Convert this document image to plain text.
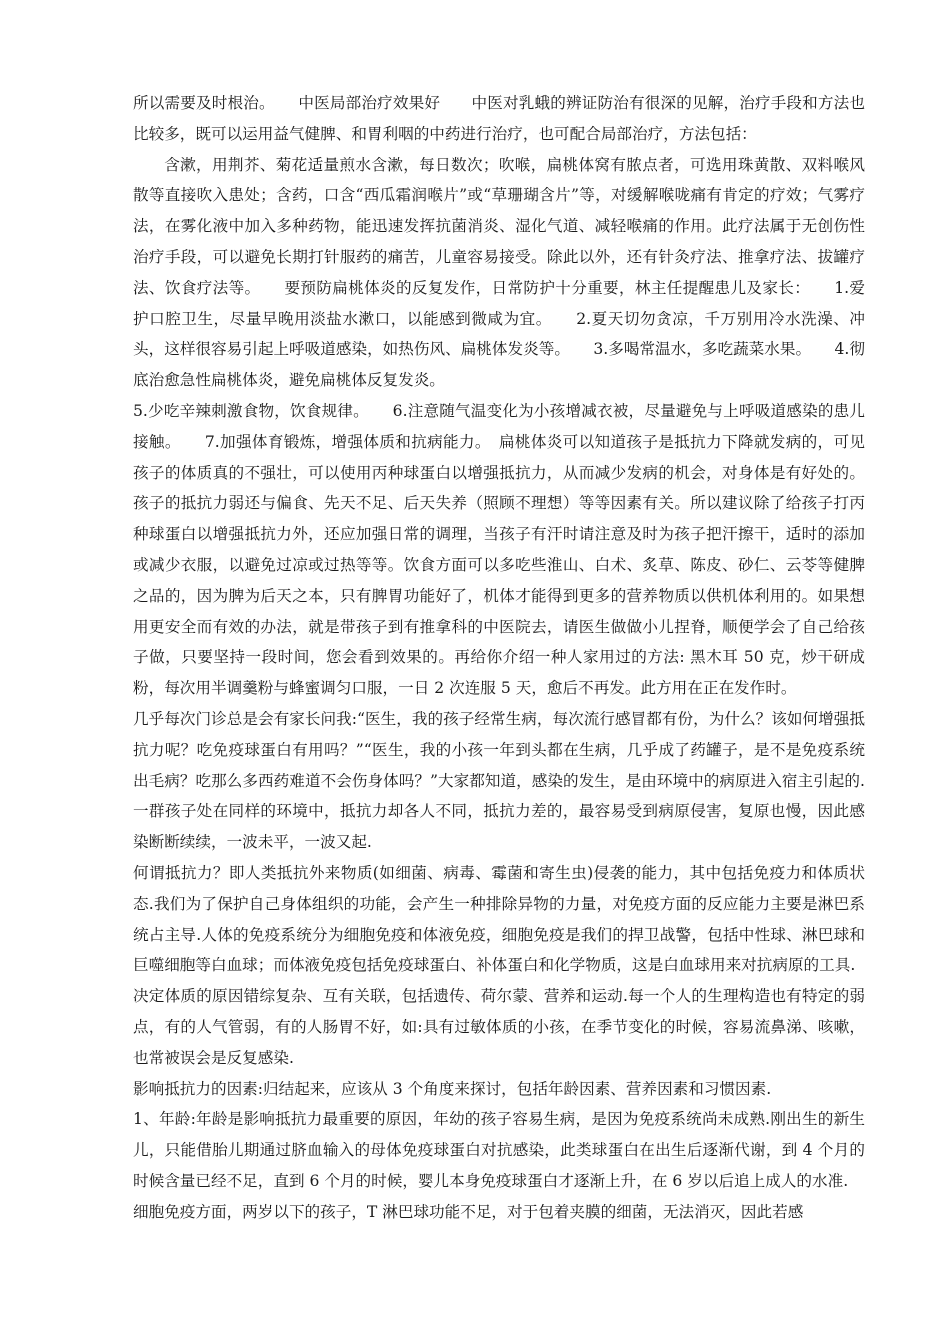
所以需要及时根治。　　中医局部治疗效果好　　中医对乳蛾的辨证防治有很深的见解，治疗手段和方法也比较多，既可以运用益气健脾、和胃利咽的中药进行治疗，也可配合局部治疗，方法包括：

含漱，用荆芥、菊花适量煎水含漱，每日数次；吹喉，扁桃体窝有脓点者，可选用珠黄散、双料喉风散等直接吹入患处；含药，口含“西瓜霜润喉片”或“草珊瑚含片”等，对缓解喉咙痛有肯定的疗效；气雾疗法，在雾化液中加入多种药物，能迅速发挥抗菌消炎、湿化气道、减轻喉痛的作用。此疗法属于无创伤性治疗手段，可以避免长期打针服药的痛苦，儿童容易接受。除此以外，还有针灸疗法、推拿疗法、拔罐疗法、饮食疗法等。　　要预防扁桃体炎的反复发作，日常防护十分重要，林主任提醒患儿及家长：　　1.爱护口腔卫生，尽量早晚用淡盐水漱口，以能感到微咸为宜。　　2.夏天切勿贪凉，千万别用冷水洗澡、冲头，这样很容易引起上呼吸道感染，如热伤风、扁桃体发炎等。　　3.多喝常温水，多吃蔬菜水果。　　4.彻底治愈急性扁桃体炎，避免扁桃体反复发炎。

5.少吃辛辣刺激食物，饮食规律。　　6.注意随气温变化为小孩增减衣被，尽量避免与上呼吸道感染的患儿接触。　　7.加强体育锻炼，增强体质和抗病能力。　扁桃体炎可以知道孩子是抵抗力下降就发病的，可见孩子的体质真的不强壮，可以使用丙种球蛋白以增强抵抗力，从而减少发病的机会，对身体是有好处的。孩子的抵抗力弱还与偏食、先天不足、后天失养（照顾不理想）等等因素有关。所以建议除了给孩子打丙种球蛋白以增强抵抗力外，还应加强日常的调理，当孩子有汗时请注意及时为孩子把汗擦干，适时的添加或减少衣服，以避免过凉或过热等等。饮食方面可以多吃些淮山、白术、炙草、陈皮、砂仁、云苓等健脾之品的，因为脾为后天之本，只有脾胃功能好了，机体才能得到更多的营养物质以供机体利用的。如果想用更安全而有效的办法，就是带孩子到有推拿科的中医院去，请医生做做小儿捏脊，顺便学会了自己给孩子做，只要坚持一段时间，您会看到效果的。再给你介绍一种人家用过的方法: 黑木耳 50 克，炒干研成粉，每次用半调羹粉与蜂蜜调匀口服，一日 2 次连服 5 天，愈后不再发。此方用在正在发作时。

几乎每次门诊总是会有家长问我:“医生，我的孩子经常生病，每次流行感冒都有份，为什么？该如何增强抵抗力呢？吃免疫球蛋白有用吗？”“医生，我的小孩一年到头都在生病，几乎成了药罐子，是不是免疫系统出毛病？吃那么多西药难道不会伤身体吗？”大家都知道，感染的发生，是由环境中的病原进入宿主引起的.一群孩子处在同样的环境中，抵抗力却各人不同，抵抗力差的，最容易受到病原侵害，复原也慢，因此感染断断续续，一波未平，一波又起.

何谓抵抗力？即人类抵抗外来物质(如细菌、病毒、霉菌和寄生虫)侵袭的能力，其中包括免疫力和体质状态.我们为了保护自己身体组织的功能，会产生一种排除异物的力量，对免疫方面的反应能力主要是淋巴系统占主导.人体的免疫系统分为细胞免疫和体液免疫，细胞免疫是我们的捍卫战警，包括中性球、淋巴球和巨噬细胞等白血球；而体液免疫包括免疫球蛋白、补体蛋白和化学物质，这是白血球用来对抗病原的工具.

决定体质的原因错综复杂、互有关联，包括遗传、荷尔蒙、营养和运动.每一个人的生理构造也有特定的弱点，有的人气管弱，有的人肠胃不好，如:具有过敏体质的小孩，在季节变化的时候，容易流鼻涕、咳嗽，也常被误会是反复感染.

影响抵抗力的因素:归结起来，应该从 3 个角度来探讨，包括年龄因素、营养因素和习惯因素.

1、年龄:年龄是影响抵抗力最重要的原因，年幼的孩子容易生病，是因为免疫系统尚未成熟.刚出生的新生儿，只能借胎儿期通过脐血输入的母体免疫球蛋白对抗感染，此类球蛋白在出生后逐渐代谢，到 4 个月的时候含量已经不足，直到 6 个月的时候，婴儿本身免疫球蛋白才逐渐上升，在 6 岁以后追上成人的水准.

细胞免疫方面，两岁以下的孩子，T 淋巴球功能不足，对于包着夹膜的细菌，无法消灭，因此若感
